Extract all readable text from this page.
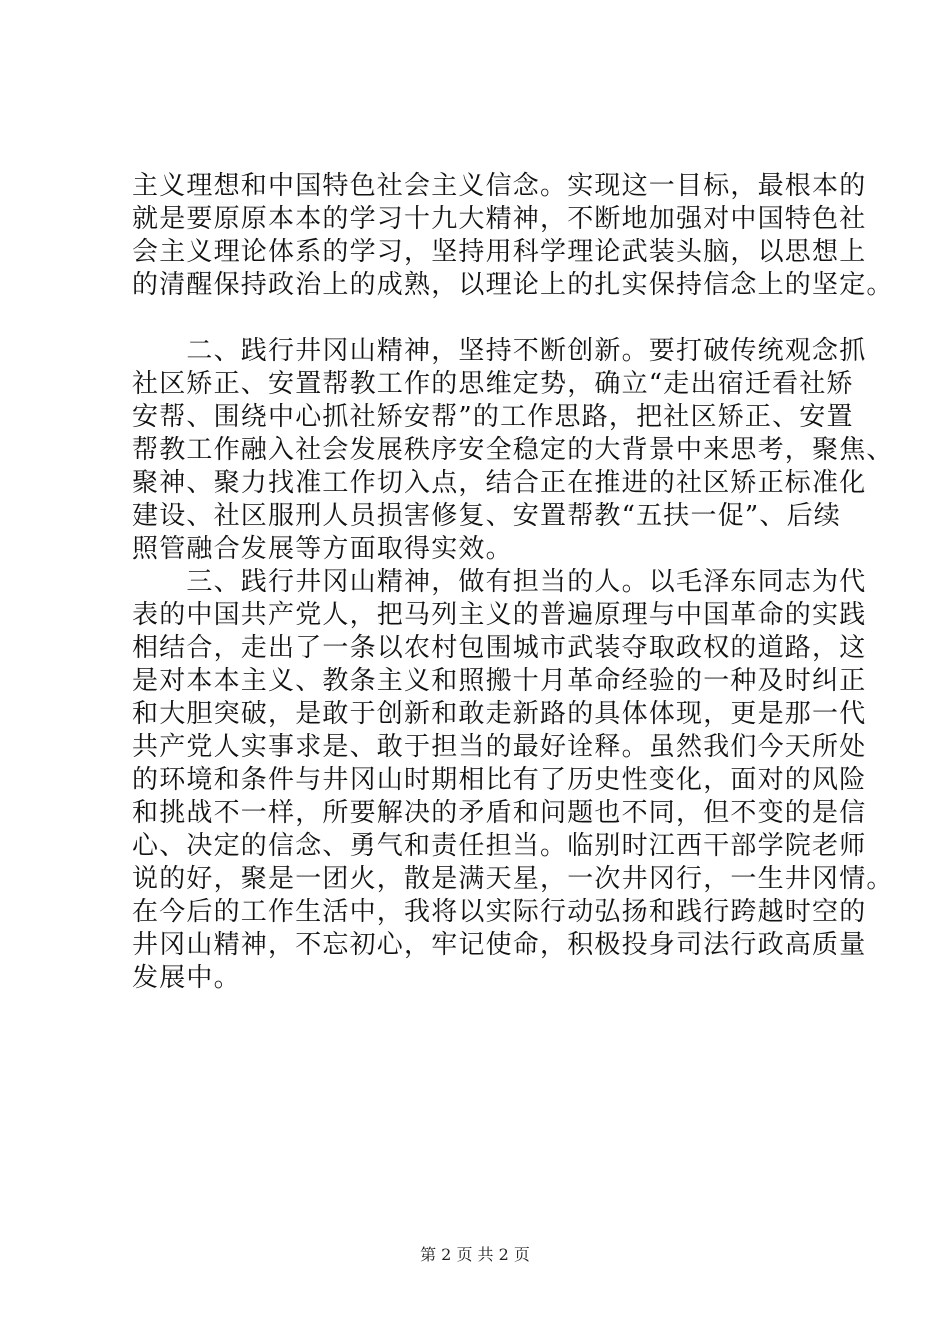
主义理想和中国特色社会主义信念。实现这一目标，最根本的
就是要原原本本的学习十九大精神，不断地加强对中国特色社
会主义理论体系的学习，坚持用科学理论武装头脑，以思想上
的清醒保持政治上的成熟，以理论上的扎实保持信念上的坚定。
　　二、践行井冈山精神，坚持不断创新。要打破传统观念抓
社区矫正、安置帮教工作的思维定势，确立“走出宿迁看社矫
安帮、围绕中心抓社矫安帮”的工作思路，把社区矫正、安置
帮教工作融入社会发展秩序安全稳定的大背景中来思考，聚焦、
聚神、聚力找准工作切入点，结合正在推进的社区矫正标准化
建设、社区服刑人员损害修复、安置帮教“五扶一促”、后续
照管融合发展等方面取得实效。
　　三、践行井冈山精神，做有担当的人。以毛泽东同志为代
表的中国共产党人，把马列主义的普遍原理与中国革命的实践
相结合，走出了一条以农村包围城市武装夺取政权的道路，这
是对本本主义、教条主义和照搬十月革命经验的一种及时纠正
和大胆突破，是敢于创新和敢走新路的具体体现，更是那一代
共产党人实事求是、敢于担当的最好诠释。虽然我们今天所处
的环境和条件与井冈山时期相比有了历史性变化，面对的风险
和挑战不一样，所要解决的矛盾和问题也不同，但不变的是信
心、决定的信念、勇气和责任担当。临别时江西干部学院老师
说的好，聚是一团火，散是满天星，一次井冈行，一生井冈情。
在今后的工作生活中，我将以实际行动弘扬和践行跨越时空的
井冈山精神，不忘初心，牢记使命，积极投身司法行政高质量
发展中。
第 2 页 共 2 页
